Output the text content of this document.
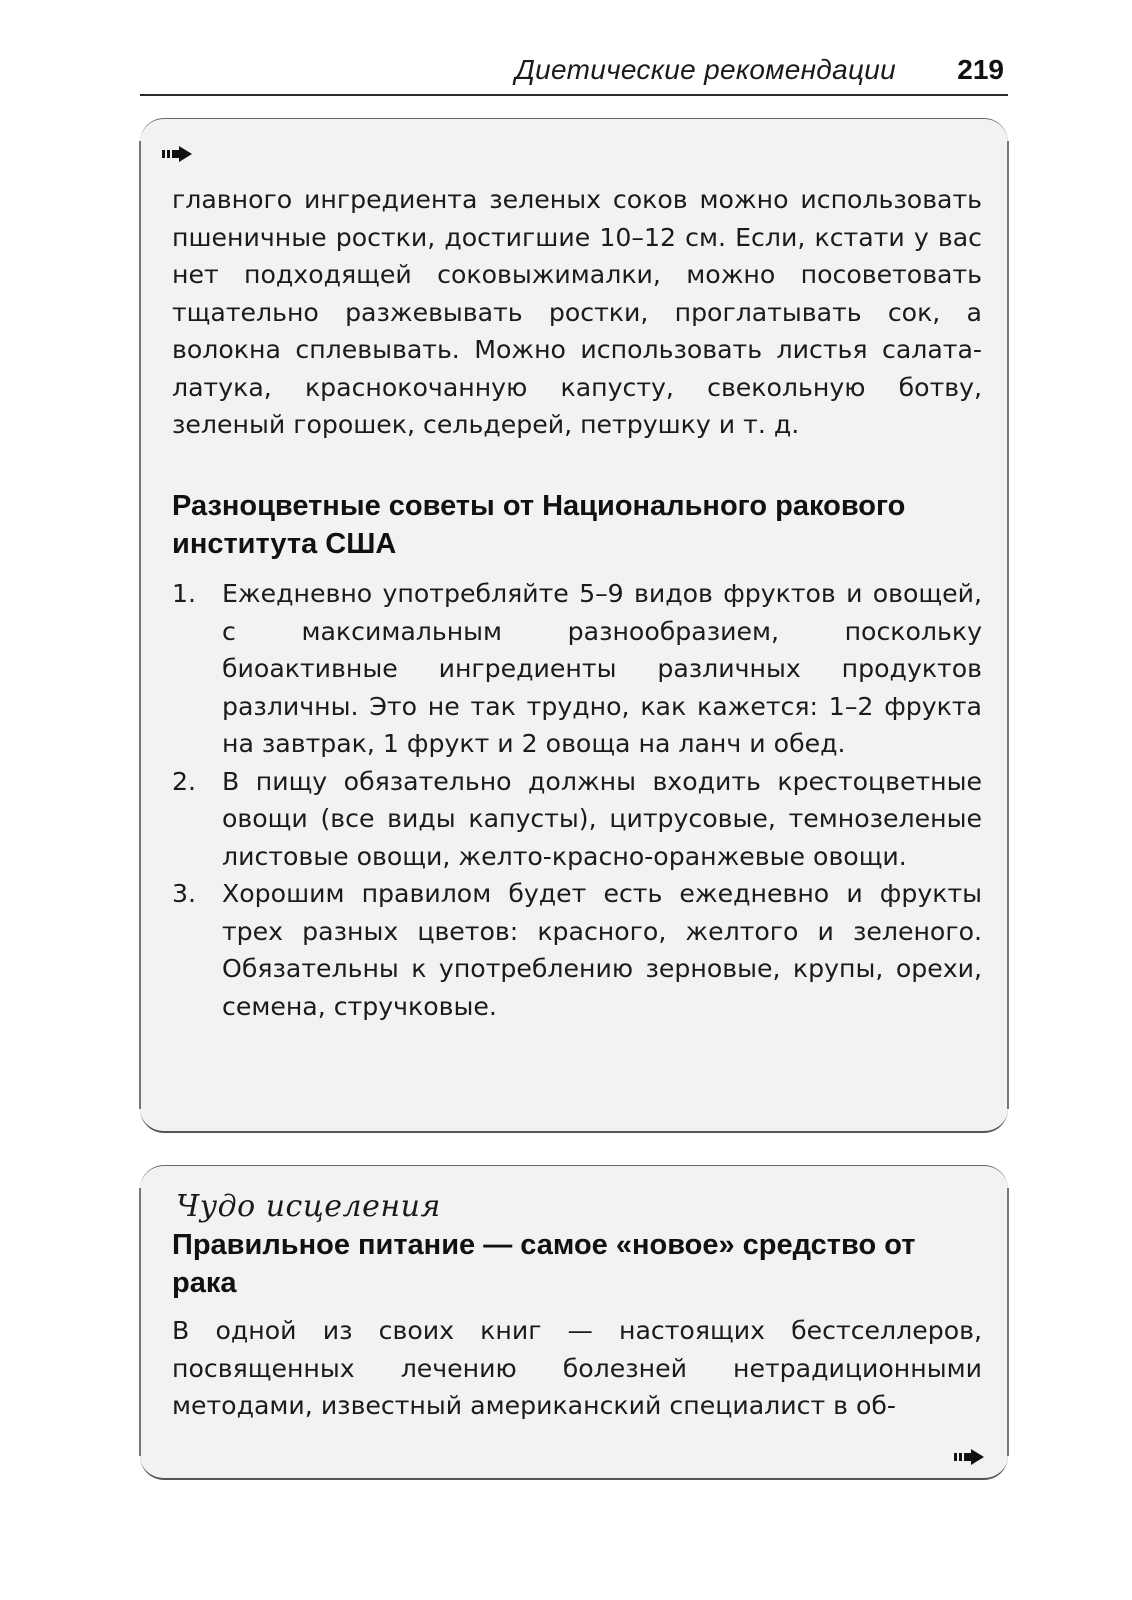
Диетические рекомендации 219

главного ингредиента зеленых соков можно использовать пшеничные ростки, достигшие 10–12 см. Если, кстати у вас нет подходящей соковыжималки, можно посоветовать тщательно разжевывать ростки, проглатывать сок, а волокна сплевывать. Можно использовать листья салата-латука, краснокочанную капусту, свекольную ботву, зеленый горошек, сельдерей, петрушку и т. д.

Разноцветные советы от Национального ракового института США
1. Ежедневно употребляйте 5–9 видов фруктов и овощей, с максимальным разнообразием, поскольку биоактивные ингредиенты различных продуктов различны. Это не так трудно, как кажется: 1–2 фрукта на завтрак, 1 фрукт и 2 овоща на ланч и обед.
2. В пищу обязательно должны входить крестоцветные овощи (все виды капусты), цитрусовые, темнозеленые листовые овощи, желто-красно-оранжевые овощи.
3. Хорошим правилом будет есть ежедневно и фрукты трех разных цветов: красного, желтого и зеленого. Обязательны к употреблению зерновые, крупы, орехи, семена, стручковые.

Чудо исцеления

Правильное питание — самое «новое» средство от рака

В одной из своих книг — настоящих бестселлеров, посвященных лечению болезней нетрадиционными методами, известный американский специалист в об-
